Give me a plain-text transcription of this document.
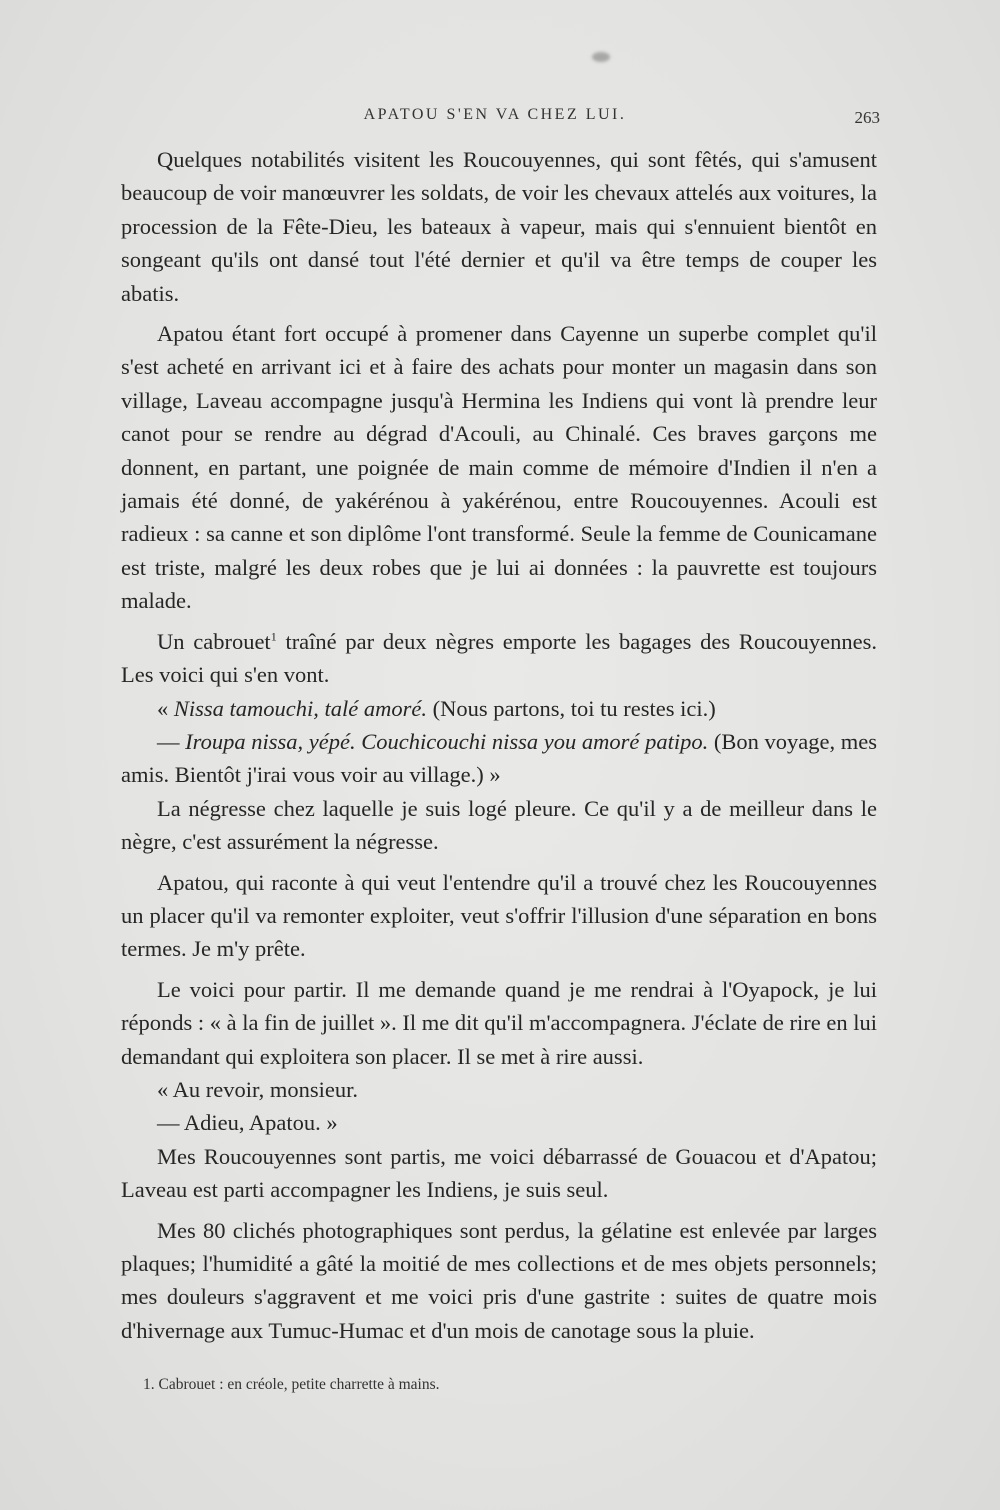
APATOU S'EN VA CHEZ LUI.	263

Quelques notabilités visitent les Roucouyennes, qui sont fêtés, qui s'amusent beaucoup de voir manœuvrer les soldats, de voir les chevaux attelés aux voitures, la procession de la Fête-Dieu, les bateaux à vapeur, mais qui s'ennuient bientôt en songeant qu'ils ont dansé tout l'été dernier et qu'il va être temps de couper les abatis.

Apatou étant fort occupé à promener dans Cayenne un superbe complet qu'il s'est acheté en arrivant ici et à faire des achats pour monter un magasin dans son village, Laveau accompagne jusqu'à Hermina les Indiens qui vont là prendre leur canot pour se rendre au dégrad d'Acouli, au Chinalé. Ces braves garçons me donnent, en partant, une poignée de main comme de mémoire d'Indien il n'en a jamais été donné, de yakérénou à yakérénou, entre Roucouyennes. Acouli est radieux : sa canne et son diplôme l'ont transformé. Seule la femme de Counicamane est triste, malgré les deux robes que je lui ai données : la pauvrette est toujours malade.

Un cabrouet$^1$ traîné par deux nègres emporte les bagages des Roucouyennes. Les voici qui s'en vont.

« Nissa tamouchi, talé amoré. (Nous partons, toi tu restes ici.)

— Iroupa nissa, yépé. Couchicouchi nissa you amoré patipo. (Bon voyage, mes amis. Bientôt j'irai vous voir au village.) »

La négresse chez laquelle je suis logé pleure. Ce qu'il y a de meilleur dans le nègre, c'est assurément la négresse.

Apatou, qui raconte à qui veut l'entendre qu'il a trouvé chez les Roucouyennes un placer qu'il va remonter exploiter, veut s'offrir l'illusion d'une séparation en bons termes. Je m'y prête.

Le voici pour partir. Il me demande quand je me rendrai à l'Oyapock, je lui réponds : « à la fin de juillet ». Il me dit qu'il m'accompagnera. J'éclate de rire en lui demandant qui exploitera son placer. Il se met à rire aussi.

« Au revoir, monsieur.

— Adieu, Apatou. »

Mes Roucouyennes sont partis, me voici débarrassé de Gouacou et d'Apatou; Laveau est parti accompagner les Indiens, je suis seul.

Mes 80 clichés photographiques sont perdus, la gélatine est enlevée par larges plaques; l'humidité a gâté la moitié de mes collections et de mes objets personnels; mes douleurs s'aggravent et me voici pris d'une gastrite : suites de quatre mois d'hivernage aux Tumuc-Humac et d'un mois de canotage sous la pluie.

1. Cabrouet : en créole, petite charrette à mains.
